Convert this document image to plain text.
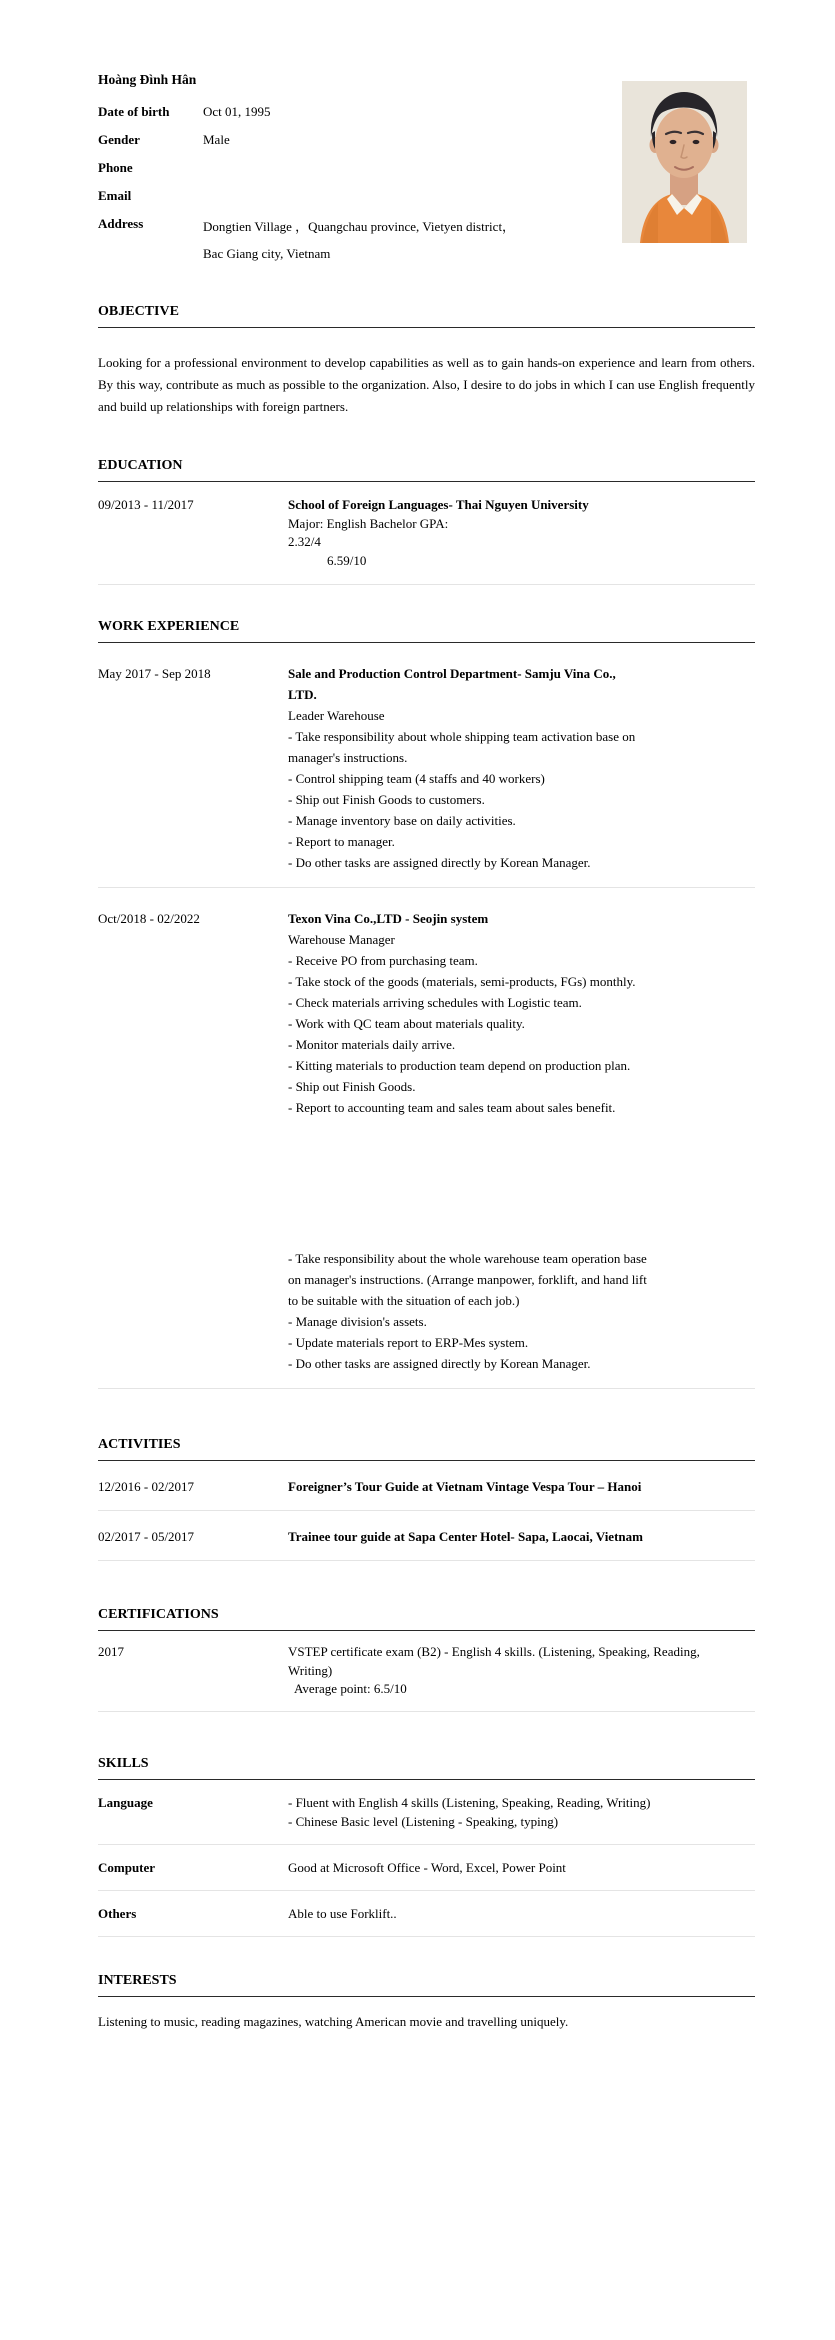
Hoàng Đình Hân
Date of birth	Oct 01, 1995
Gender	Male
Phone
Email
Address	Dongtien Village ，Quangchau province, Vietyen district，
Bac Giang city, Vietnam
OBJECTIVE
Looking for a professional environment to develop capabilities as well as to gain hands-on experience and learn from others. By this way, contribute as much as possible to the organization. Also, I desire to do jobs in which I can use English frequently and build up relationships with foreign partners.
EDUCATION
09/2013 - 11/2017	School of Foreign Languages- Thai Nguyen University
Major: English Bachelor GPA:
2.32/4
6.59/10
WORK EXPERIENCE
May 2017 - Sep 2018	Sale and Production Control Department- Samju Vina Co.,
LTD.
Leader Warehouse
- Take responsibility about whole shipping team activation base on manager's instructions.
- Control shipping team (4 staffs and 40 workers)
- Ship out Finish Goods to customers.
- Manage inventory base on daily activities.
- Report to manager.
- Do other tasks are assigned directly by Korean Manager.
Oct/2018 - 02/2022	Texon Vina Co.,LTD - Seojin system
Warehouse Manager
- Receive PO from purchasing team.
- Take stock of the goods (materials, semi-products, FGs) monthly.
- Check materials arriving schedules with Logistic team.
- Work with QC team about materials quality.
- Monitor materials daily arrive.
- Kitting materials to production team depend on production plan.
- Ship out Finish Goods.
- Report to accounting team and sales team about sales benefit.
- Take responsibility about the whole warehouse team operation base on manager's instructions. (Arrange manpower, forklift, and hand lift to be suitable with the situation of each job.)
- Manage division's assets.
- Update materials report to ERP-Mes system.
- Do other tasks are assigned directly by Korean Manager.
ACTIVITIES
12/2016 - 02/2017	Foreigner’s Tour Guide at Vietnam Vintage Vespa Tour – Hanoi
02/2017 - 05/2017	Trainee tour guide at Sapa Center Hotel- Sapa, Laocai, Vietnam
CERTIFICATIONS
2017	VSTEP certificate exam (B2) - English 4 skills. (Listening, Speaking, Reading, Writing)
Average point: 6.5/10
SKILLS
Language	- Fluent with English 4 skills (Listening, Speaking, Reading, Writing)
- Chinese Basic level (Listening - Speaking, typing)
Computer	Good at Microsoft Office - Word, Excel, Power Point
Others	Able to use Forklift..
INTERESTS
Listening to music, reading magazines, watching American movie and travelling uniquely.
